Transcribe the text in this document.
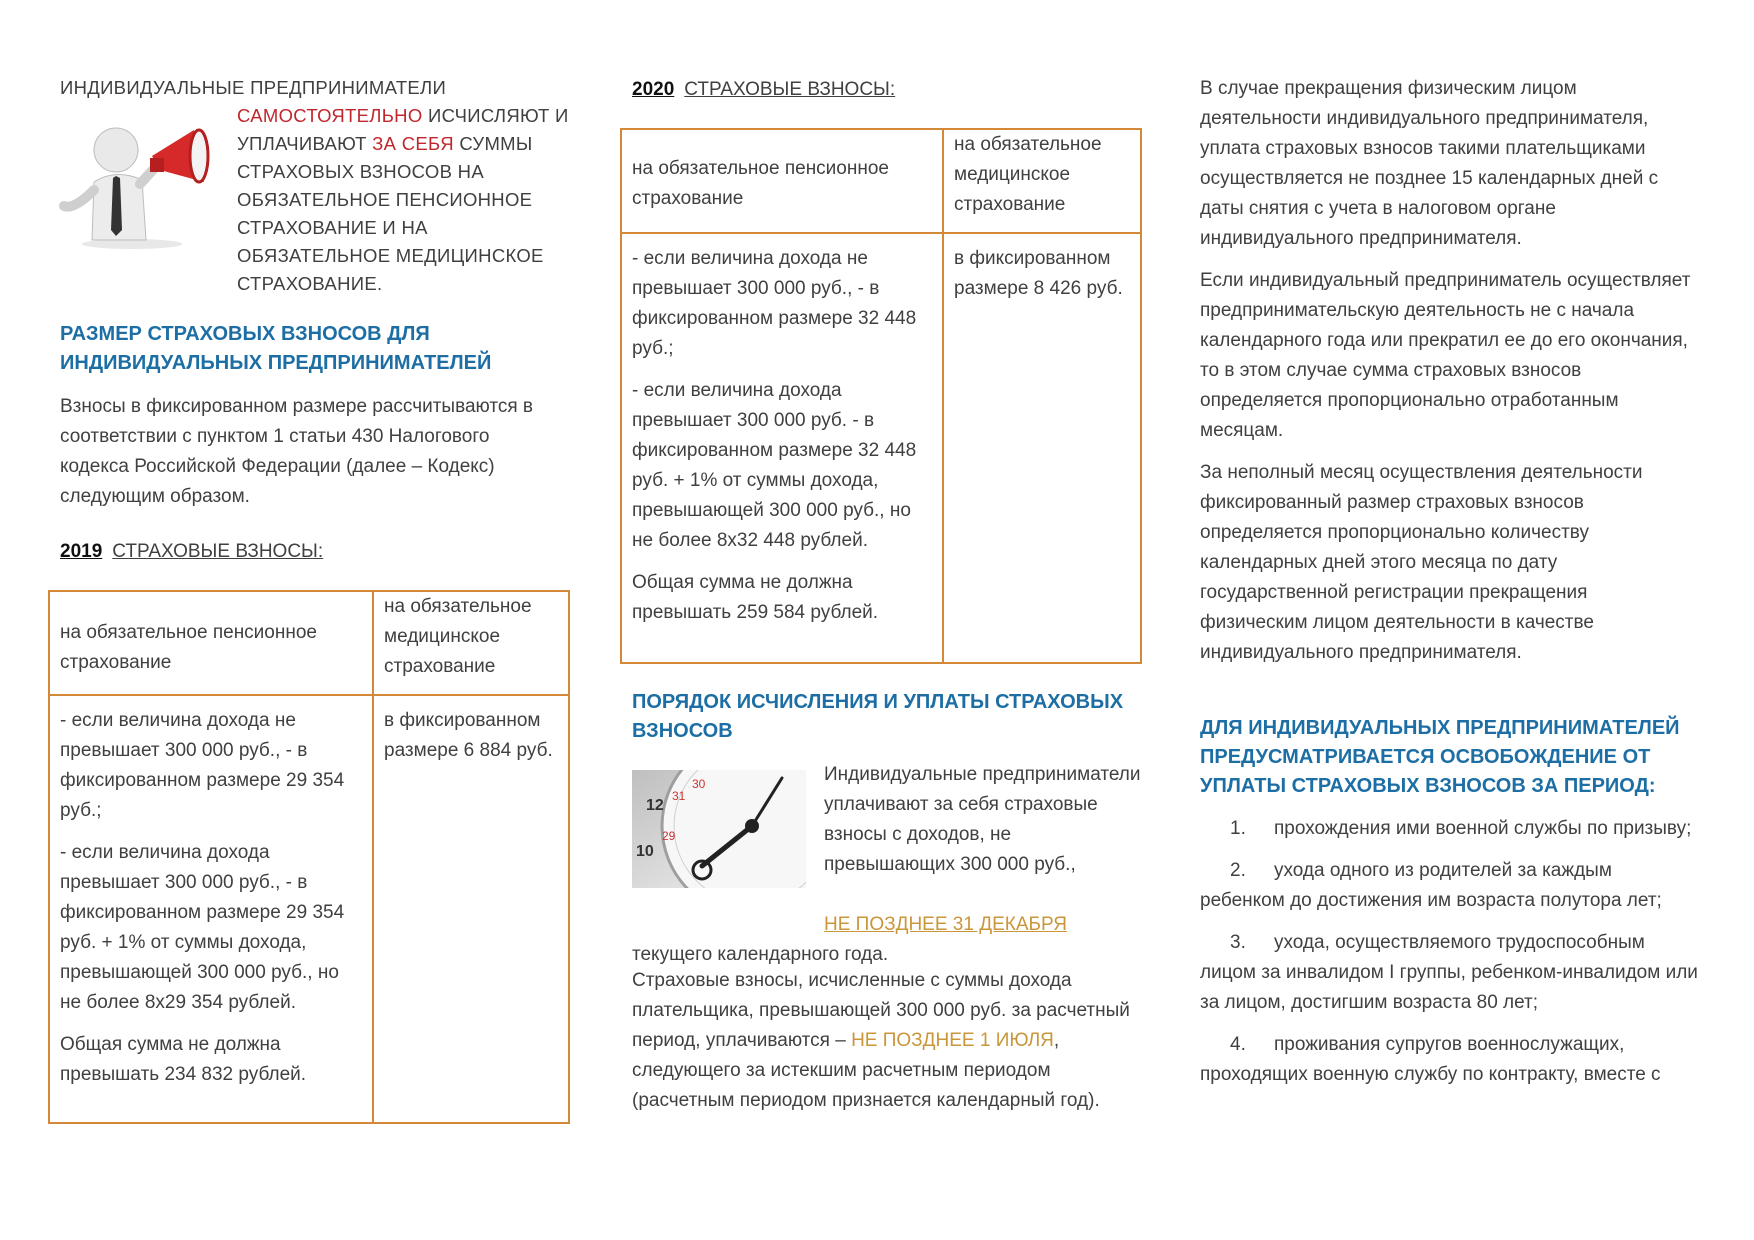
ИНДИВИДУАЛЬНЫЕ ПРЕДПРИНИМАТЕЛИ
САМОСТОЯТЕЛЬНО ИСЧИСЛЯЮТ И УПЛАЧИВАЮТ ЗА СЕБЯ СУММЫ СТРАХОВЫХ ВЗНОСОВ НА ОБЯЗАТЕЛЬНОЕ ПЕНСИОННОЕ СТРАХОВАНИЕ И НА ОБЯЗАТЕЛЬНОЕ МЕДИЦИНСКОЕ СТРАХОВАНИЕ.
РАЗМЕР СТРАХОВЫХ ВЗНОСОВ ДЛЯ ИНДИВИДУАЛЬНЫХ ПРЕДПРИНИМАТЕЛЕЙ

Взносы в фиксированном размере рассчитываются в соответствии с пунктом 1 статьи 430 Налогового кодекса Российской Федерации (далее – Кодекс) следующим образом.

2019 СТРАХОВЫЕ ВЗНОСЫ:
на обязательное пенсионное страхование
на обязательное медицинское страхование

- если величина дохода не превышает 300 000 руб., - в фиксированном размере 29 354 руб.;

- если величина дохода превышает 300 000 руб., - в фиксированном размере 29 354 руб. + 1% от суммы дохода, превышающей 300 000 руб., но не более 8х29 354 рублей.

Общая сумма не должна превышать 234 832 рублей.

в фиксированном размере 6 884 руб.

2020 СТРАХОВЫЕ ВЗНОСЫ:
ПОРЯДОК ИСЧИСЛЕНИЯ И УПЛАТЫ СТРАХОВЫХ ВЗНОСОВ
31
30
29
12
10

Индивидуальные предприниматели уплачивают за себя страховые взносы с доходов, не превышающих 300 000 руб.,

НЕ ПОЗДНЕЕ 31 ДЕКАБРЯ
текущего календарного года.

Страховые взносы, исчисленные с суммы дохода плательщика, превышающей 300 000 руб. за расчетный период, уплачиваются – НЕ ПОЗДНЕЕ 1 ИЮЛЯ, следующего за истекшим расчетным периодом (расчетным периодом признается календарный год).

на обязательное пенсионное страхование
на обязательное медицинское страхование

- если величина дохода не превышает 300 000 руб., - в фиксированном размере 32 448 руб.;

- если величина дохода превышает 300 000 руб. - в фиксированном размере 32 448 руб. + 1% от суммы дохода, превышающей 300 000 руб., но не более 8х32 448 рублей.

Общая сумма не должна превышать 259 584 рублей.

в фиксированном размере 8 426 руб.

В случае прекращения физическим лицом деятельности индивидуального предпринимателя, уплата страховых взносов такими плательщиками осуществляется не позднее 15 календарных дней с даты снятия с учета в налоговом органе индивидуального предпринимателя.

Если индивидуальный предприниматель осуществляет предпринимательскую деятельность не с начала календарного года или прекратил ее до его окончания, то в этом случае сумма страховых взносов определяется пропорционально отработанным месяцам.

За неполный месяц осуществления деятельности фиксированный размер страховых взносов определяется пропорционально количеству календарных дней этого месяца по дату государственной регистрации прекращения физическим лицом деятельности в качестве индивидуального предпринимателя.

ДЛЯ ИНДИВИДУАЛЬНЫХ ПРЕДПРИНИМАТЕЛЕЙ ПРЕДУСМАТРИВАЕТСЯ ОСВОБОЖДЕНИЕ ОТ УПЛАТЫ СТРАХОВЫХ ВЗНОСОВ ЗА ПЕРИОД:

1. прохождения ими военной службы по призыву;

2. ухода одного из родителей за каждым ребенком до достижения им возраста полутора лет;

3. ухода, осуществляемого трудоспособным лицом за инвалидом I группы, ребенком-инвалидом или за лицом, достигшим возраста 80 лет;

4. проживания супругов военнослужащих, проходящих военную службу по контракту, вместе с
